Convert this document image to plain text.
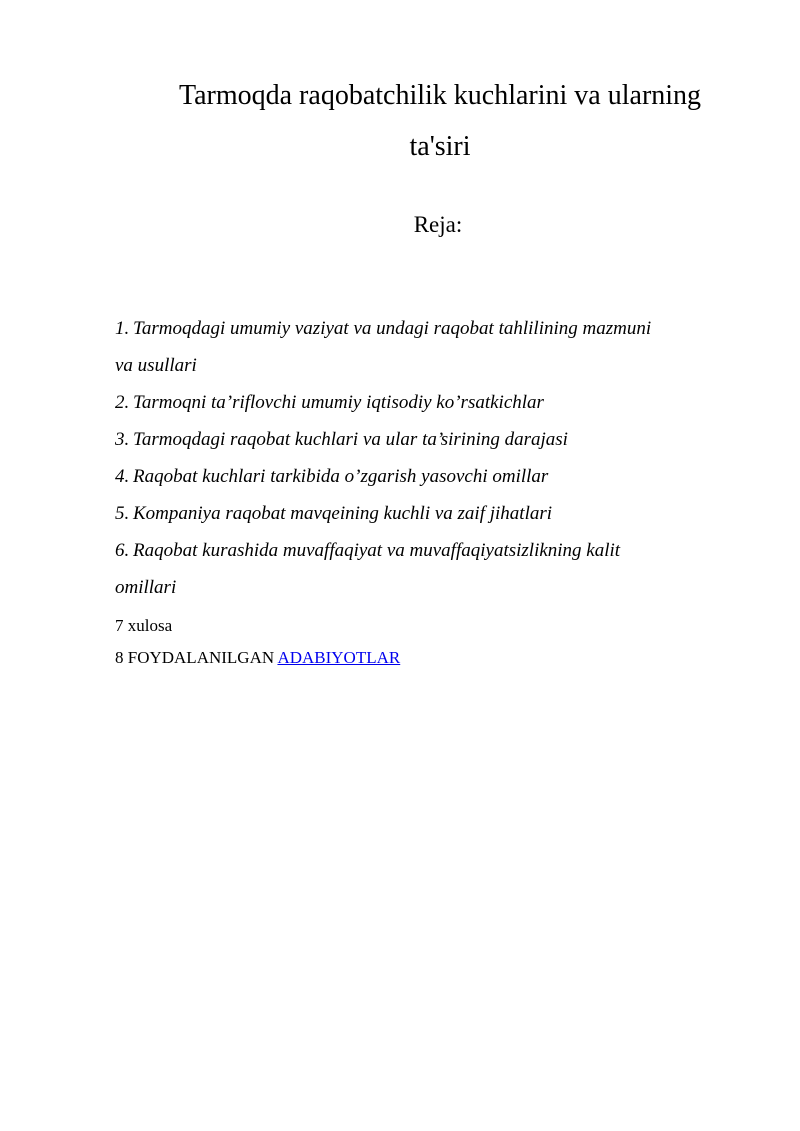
Tarmoqda raqobatchilik kuchlarini va ularning
ta'siri
Reja:
1. Tarmoqdagi umumiy vaziyat va undagi raqobat tahlilining mazmuni
va usullari
2. Tarmoqni ta’riflovchi umumiy iqtisodiy ko’rsatkichlar
3. Tarmoqdagi raqobat kuchlari va ular ta’sirining darajasi
4. Raqobat kuchlari tarkibida o’zgarish yasovchi omillar
5. Kompaniya raqobat mavqeining kuchli va zaif jihatlari
6. Raqobat kurashida muvaffaqiyat va muvaffaqiyatsizlikning kalit
omillari
7 xulosa
8 FOYDALANILGAN ADABIYOTLAR
